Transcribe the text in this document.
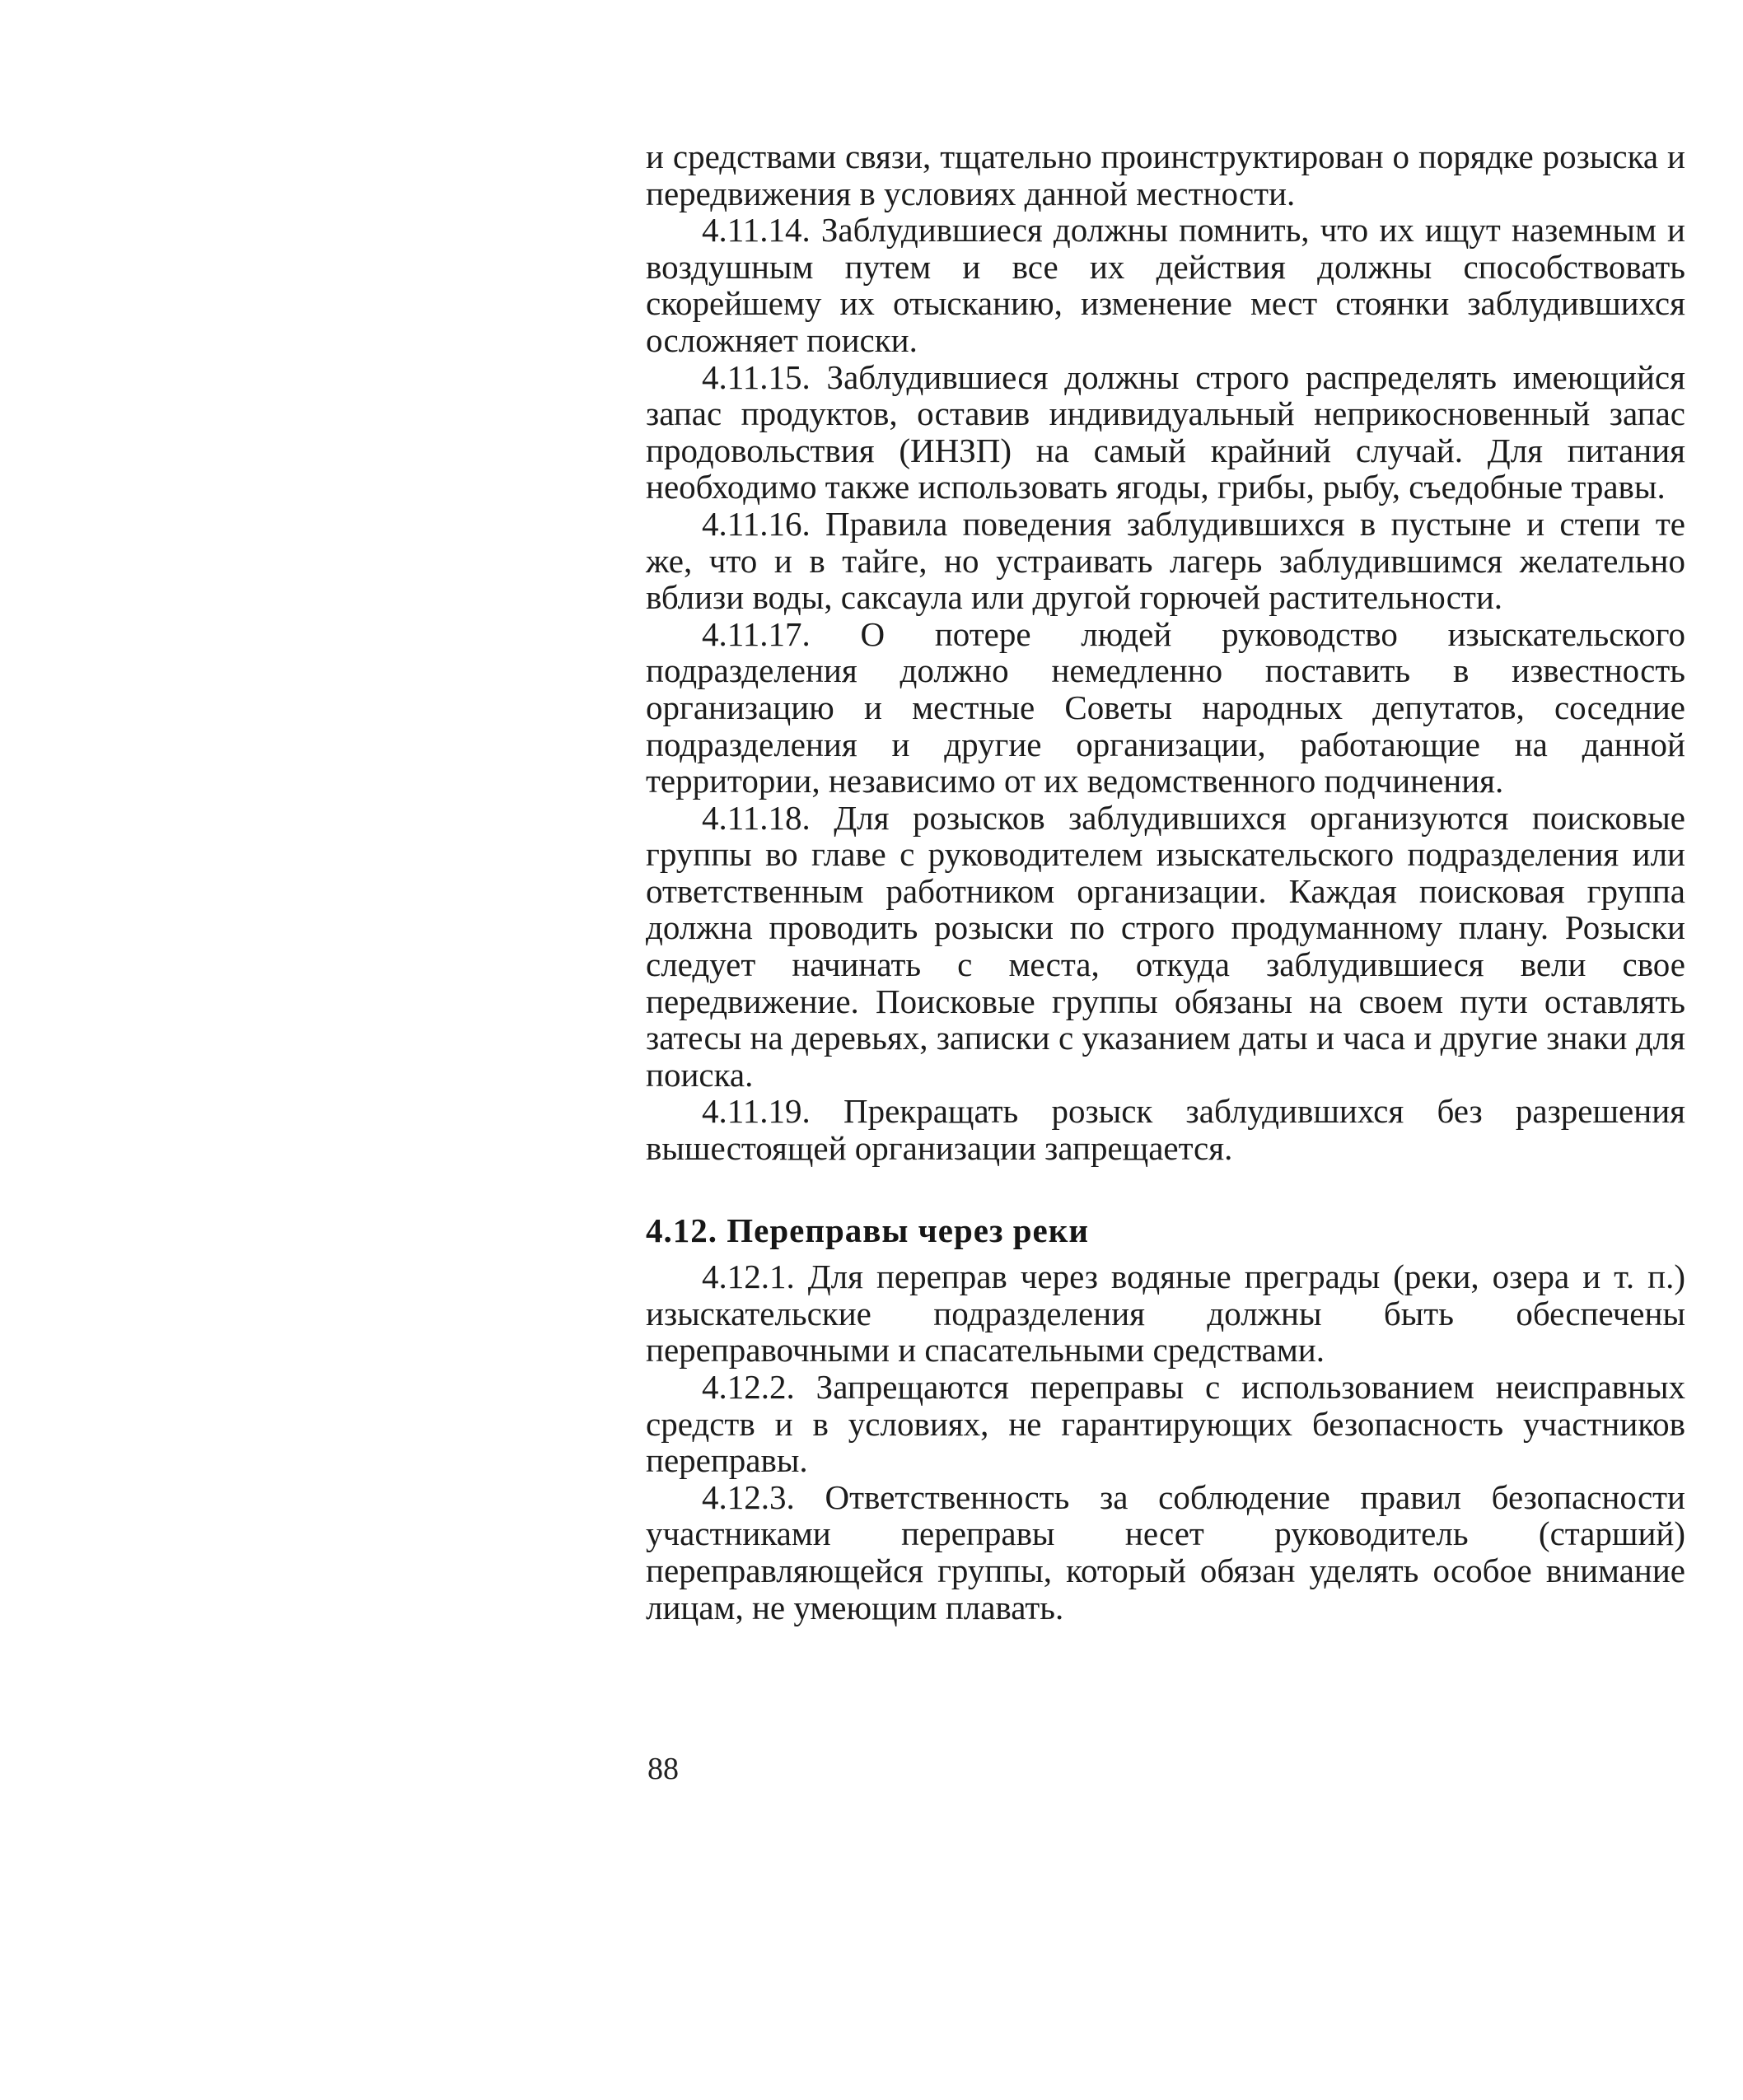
и средствами связи, тщательно проинструктирован о порядке розыска и передвижения в условиях данной местности.

4.11.14. Заблудившиеся должны помнить, что их ищут наземным и воздушным путем и все их действия должны способствовать скорейшему их отысканию, изменение мест стоянки заблудившихся осложняет поиски.

4.11.15. Заблудившиеся должны строго распределять имеющийся запас продуктов, оставив индивидуальный неприкосновенный запас продовольствия (ИНЗП) на самый крайний случай. Для питания необходимо также использовать ягоды, грибы, рыбу, съедобные травы.

4.11.16. Правила поведения заблудившихся в пустыне и степи те же, что и в тайге, но устраивать лагерь заблудившимся желательно вблизи воды, саксаула или другой горючей растительности.

4.11.17. О потере людей руководство изыскательского подразделения должно немедленно поставить в известность организацию и местные Советы народных депутатов, соседние подразделения и другие организации, работающие на данной территории, независимо от их ведомственного подчинения.

4.11.18. Для розысков заблудившихся организуются поисковые группы во главе с руководителем изыскательского подразделения или ответственным работником организации. Каждая поисковая группа должна проводить розыски по строго продуманному плану. Розыски следует начинать с места, откуда заблудившиеся вели свое передвижение. Поисковые группы обязаны на своем пути оставлять затесы на деревьях, записки с указанием даты и часа и другие знаки для поиска.

4.11.19. Прекращать розыск заблудившихся без разрешения вышестоящей организации запрещается.

4.12. Переправы через реки

4.12.1. Для переправ через водяные преграды (реки, озера и т. п.) изыскательские подразделения должны быть обеспечены переправочными и спасательными средствами.

4.12.2. Запрещаются переправы с использованием неисправных средств и в условиях, не гарантирующих безопасность участников переправы.

4.12.3. Ответственность за соблюдение правил безопасности участниками переправы несет руководитель (старший) переправляющейся группы, который обязан уделять особое внимание лицам, не умеющим плавать.

88
